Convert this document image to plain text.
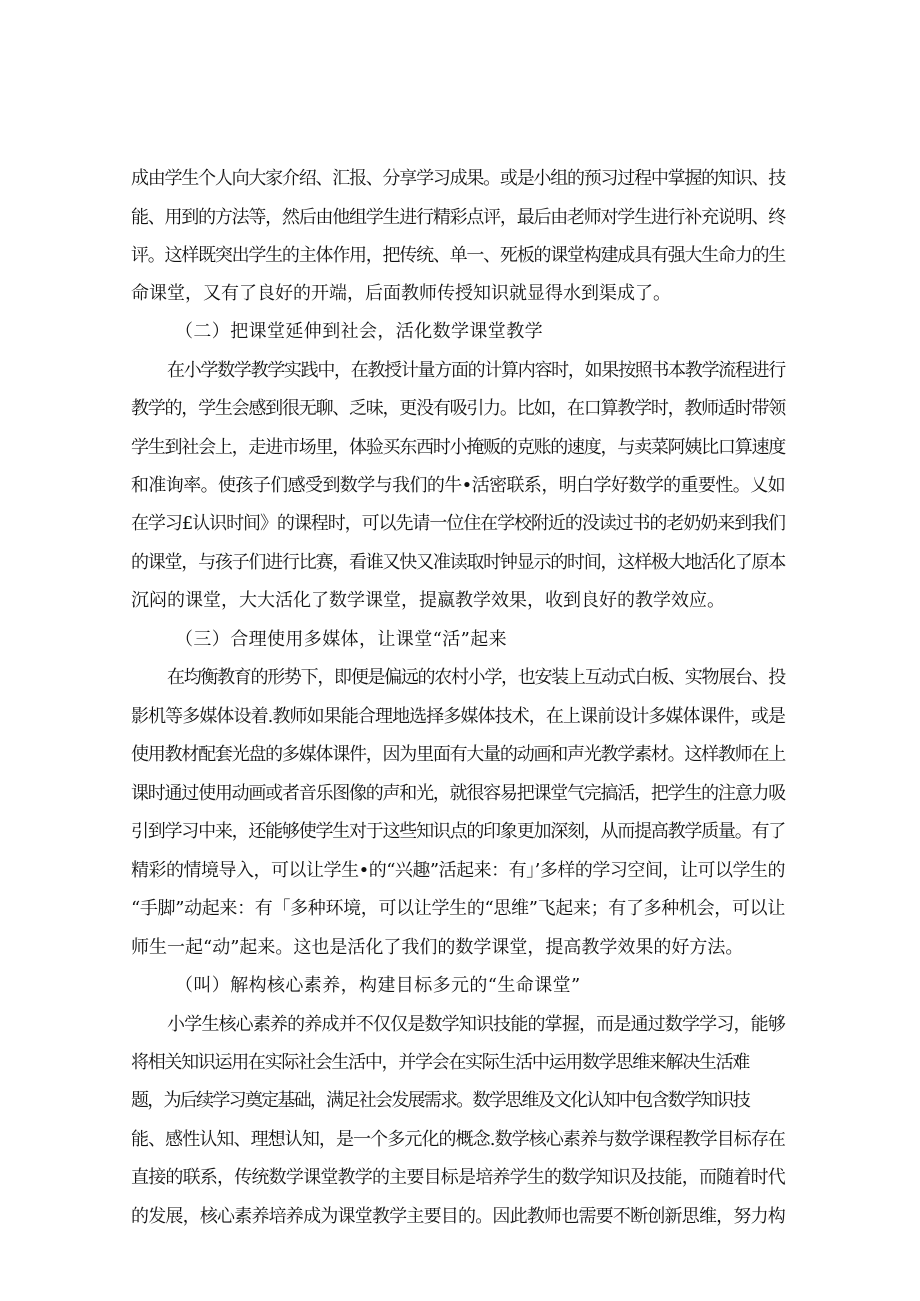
成由学生个人向大家介绍、汇报、分享学习成果。或是小组的预习过程中掌握的知识、技
能、用到的方法等，然后由他组学生进行精彩点评，最后由老师对学生进行补充说明、终
评。这样既突出学生的主体作用，把传统、单一、死板的课堂构建成具有强大生命力的生
命课堂，又有了良好的开端，后面教师传授知识就显得水到渠成了。
（二）把课堂延伸到社会，活化数学课堂教学
在小学数学教学实践中，在教授计量方面的计算内容时，如果按照书本教学流程进行
教学的，学生会感到很无聊、乏味，更没有吸引力。比如，在口算教学时，教师适时带领
学生到社会上，走进市场里，体验买东西时小掩贩的克账的速度，与卖菜阿姨比口算速度
和准询率。使孩子们感受到数学与我们的牛•活密联系，明白学好数学的重要性。乂如
在学习£认识时间》的课程时，可以先请一位住在学校附近的没读过书的老奶奶来到我们
的课堂，与孩子们进行比赛，看谁又快又准读取时钟显示的时间，这样极大地活化了原本
沉闷的课堂，大大活化了数学课堂，提嬴教学效果，收到良好的教学效应。
（三）合理使用多媒体，让课堂“活”起来
在均衡教育的形势下，即便是偏远的农村小学，也安装上互动式白板、实物展台、投
影机等多媒体设着.教师如果能合理地选择多媒体技术，在上课前设计多媒体课件，或是
使用教材配套光盘的多媒体课件，因为里面有大量的动画和声光教学素材。这样教师在上
课时通过使用动画或者音乐图像的声和光，就很容易把课堂气完搞活，把学生的注意力吸
引到学习中来，还能够使学生对于这些知识点的印象更加深刻，从而提高教学质量。有了
精彩的情境导入，可以让学生•的“兴趣”活起来：有」’多样的学习空间，让可以学生的
“手脚”动起来：有「多种环境，可以让学生的“思维”飞起来；有了多种机会，可以让
师生一起“动”起来。这也是活化了我们的数学课堂，提高教学效果的好方法。
（叫）解构核心素养，构建目标多元的“生命课堂”
小学生核心素养的养成并不仅仅是数学知识技能的掌握，而是通过数学学习，能够
将相关知识运用在实际社会生活中，并学会在实际生活中运用数学思维来解决生活难
题，为后续学习奠定基础，满足社会发展需求。数学思维及文化认知中包含数学知识技
能、感性认知、理想认知，是一个多元化的概念.数学核心素养与数学课程教学目标存在
直接的联系，传统数学课堂教学的主要目标是培养学生的数学知识及技能，而随着时代
的发展，核心素养培养成为课堂教学主要目的。因此教师也需要不断创新思维，努力构
